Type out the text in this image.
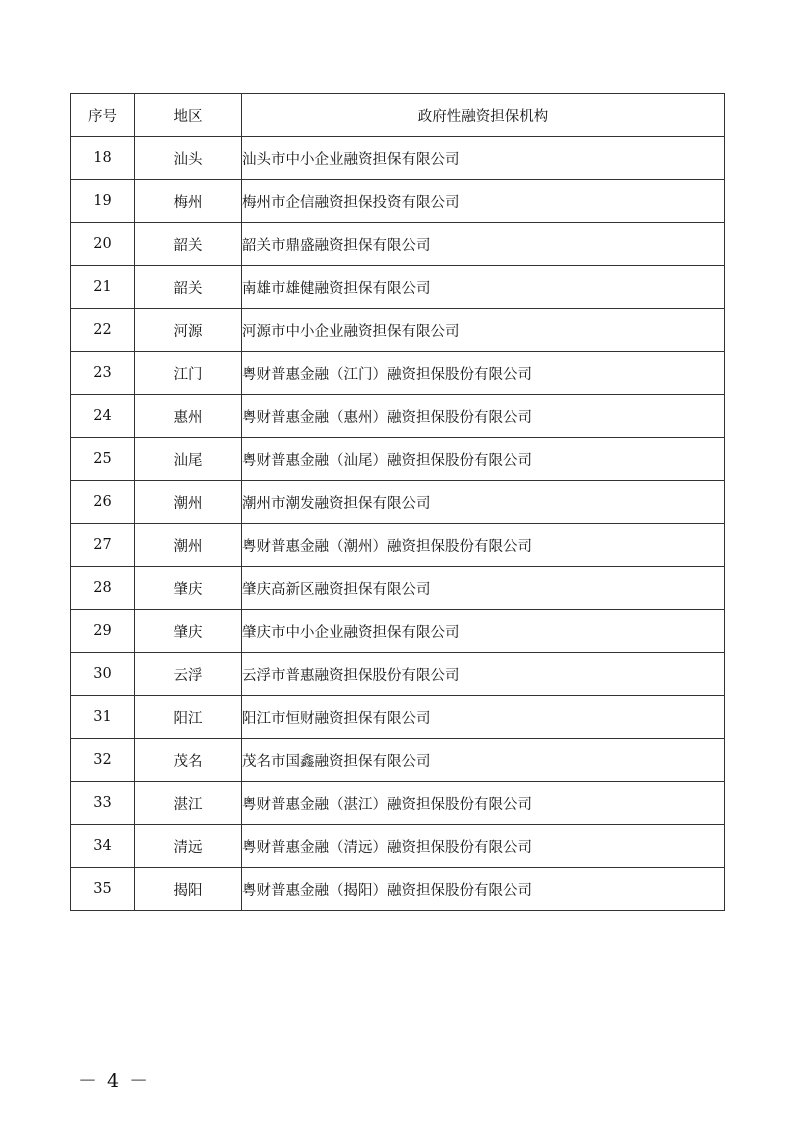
序号	地区	政府性融资担保机构
18	汕头	汕头市中小企业融资担保有限公司
19	梅州	梅州市企信融资担保投资有限公司
20	韶关	韶关市鼎盛融资担保有限公司
21	韶关	南雄市雄健融资担保有限公司
22	河源	河源市中小企业融资担保有限公司
23	江门	粤财普惠金融（江门）融资担保股份有限公司
24	惠州	粤财普惠金融（惠州）融资担保股份有限公司
25	汕尾	粤财普惠金融（汕尾）融资担保股份有限公司
26	潮州	潮州市潮发融资担保有限公司
27	潮州	粤财普惠金融（潮州）融资担保股份有限公司
28	肇庆	肇庆高新区融资担保有限公司
29	肇庆	肇庆市中小企业融资担保有限公司
30	云浮	云浮市普惠融资担保股份有限公司
31	阳江	阳江市恒财融资担保有限公司
32	茂名	茂名市国鑫融资担保有限公司
33	湛江	粤财普惠金融（湛江）融资担保股份有限公司
34	清远	粤财普惠金融（清远）融资担保股份有限公司
35	揭阳	粤财普惠金融（揭阳）融资担保股份有限公司
－ 4 －
